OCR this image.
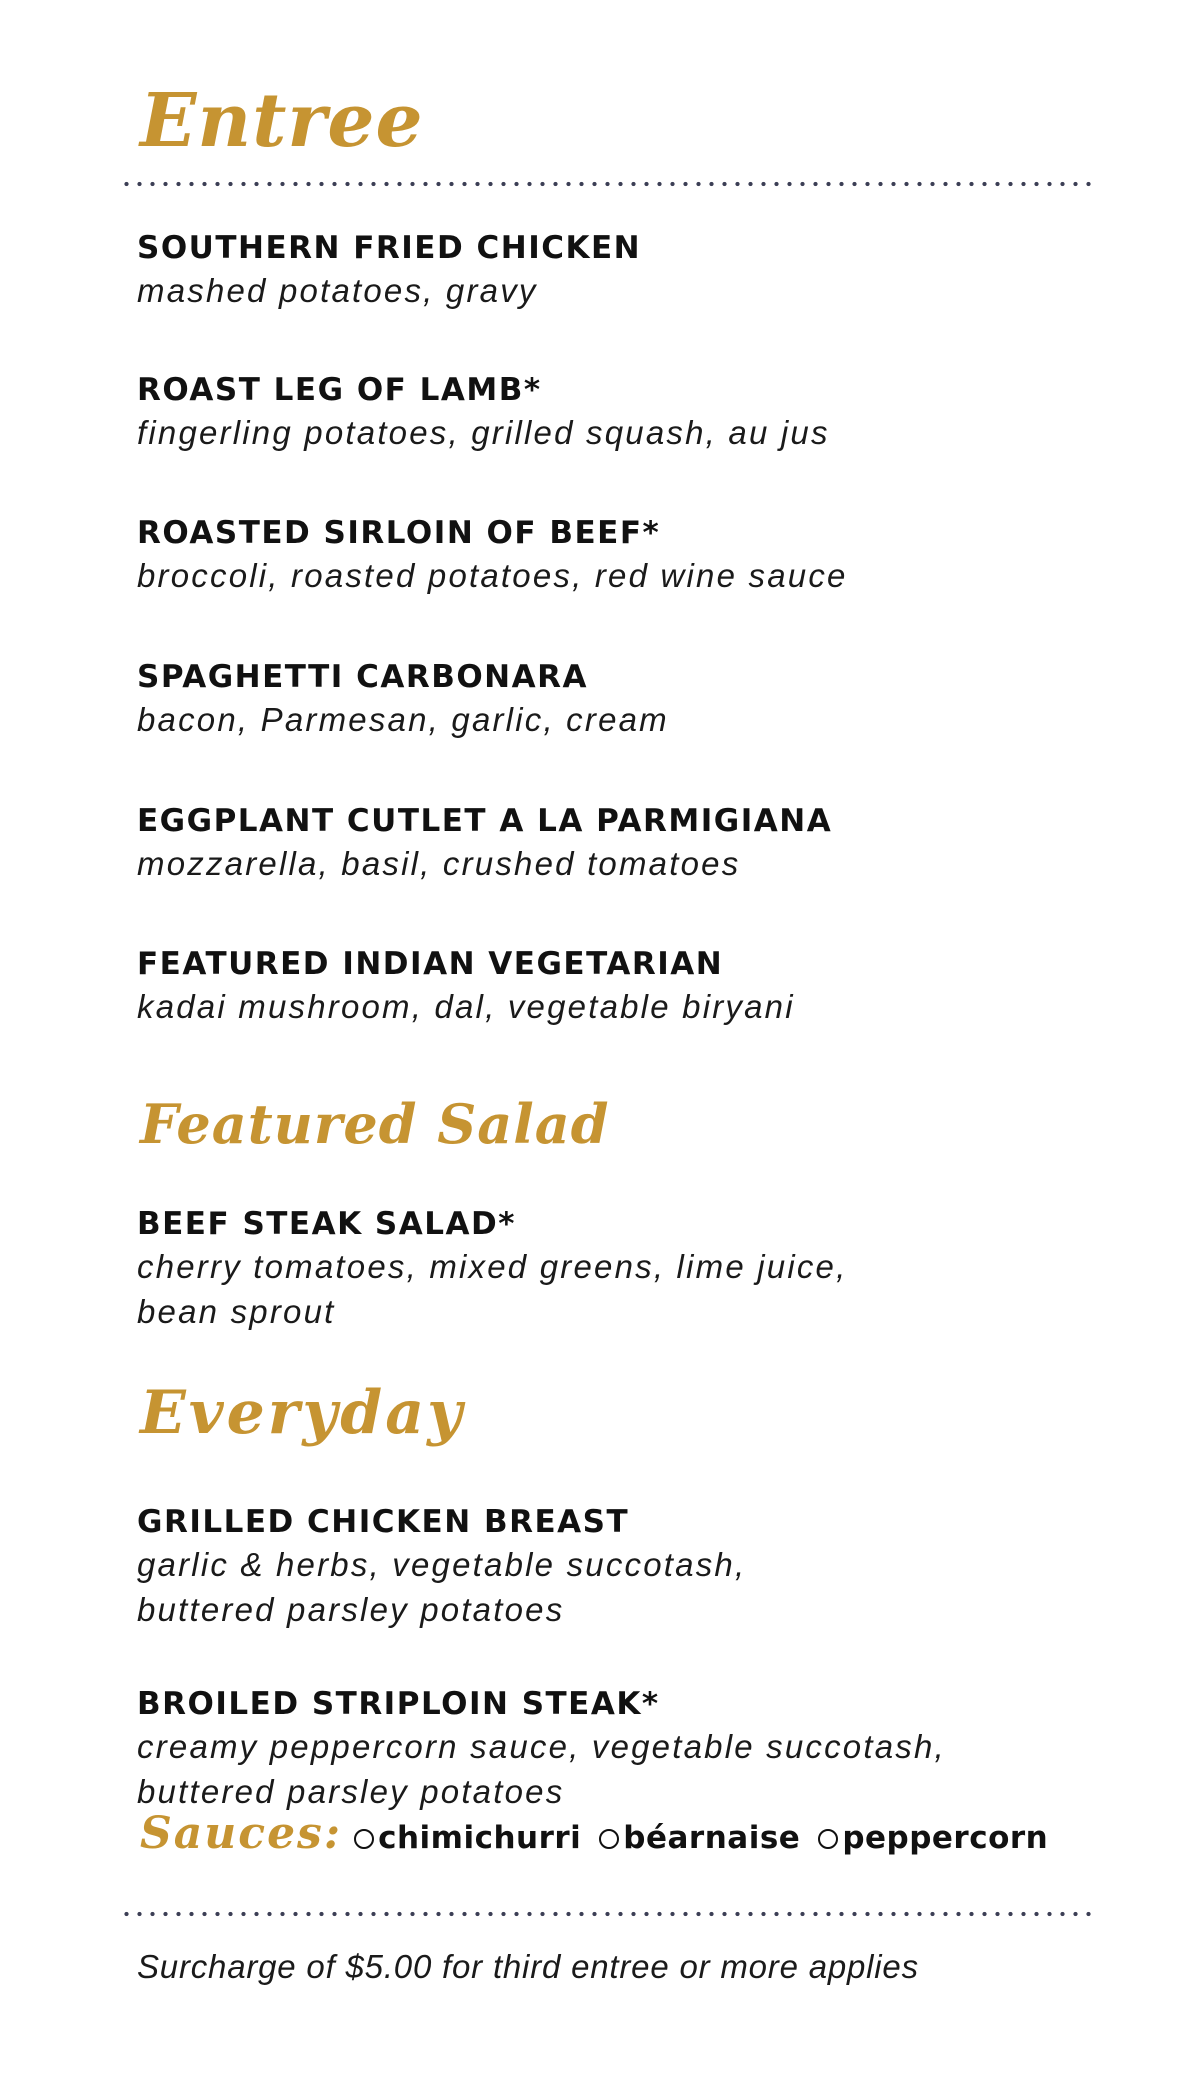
Entree
SOUTHERN FRIED CHICKEN
mashed potatoes, gravy
ROAST LEG OF LAMB*
fingerling potatoes, grilled squash, au jus
ROASTED SIRLOIN OF BEEF*
broccoli, roasted potatoes, red wine sauce
SPAGHETTI CARBONARA
bacon, Parmesan, garlic, cream
EGGPLANT CUTLET A LA PARMIGIANA
mozzarella, basil, crushed tomatoes
FEATURED INDIAN VEGETARIAN
kadai mushroom, dal, vegetable biryani
Featured Salad
BEEF STEAK SALAD*
cherry tomatoes, mixed greens, lime juice,
bean sprout
Everyday
GRILLED CHICKEN BREAST
garlic & herbs, vegetable succotash,
buttered parsley potatoes
BROILED STRIPLOIN STEAK*
creamy peppercorn sauce, vegetable succotash,
buttered parsley potatoes
Sauces: chimichurri béarnaise peppercorn
Surcharge of $5.00 for third entree or more applies
